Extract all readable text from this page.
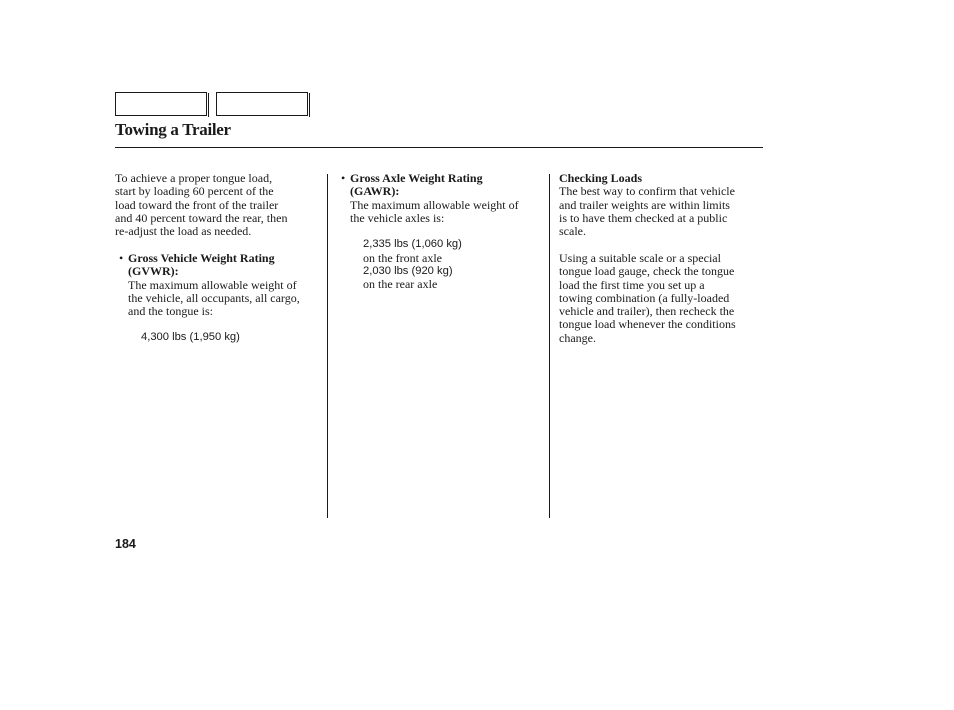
Towing a Trailer
To achieve a proper tongue load,
start by loading 60 percent of the
load toward the front of the trailer
and 40 percent toward the rear, then
re-adjust the load as needed.
• Gross Vehicle Weight Rating
(GVWR):
The maximum allowable weight of
the vehicle, all occupants, all cargo,
and the tongue is:
4,300 lbs (1,950 kg)
• Gross Axle Weight Rating
(GAWR):
The maximum allowable weight of
the vehicle axles is:
2,335 lbs (1,060 kg)
on the front axle
2,030 lbs (920 kg)
on the rear axle
Checking Loads
The best way to confirm that vehicle
and trailer weights are within limits
is to have them checked at a public
scale.
Using a suitable scale or a special
tongue load gauge, check the tongue
load the first time you set up a
towing combination (a fully-loaded
vehicle and trailer), then recheck the
tongue load whenever the conditions
change.
184
